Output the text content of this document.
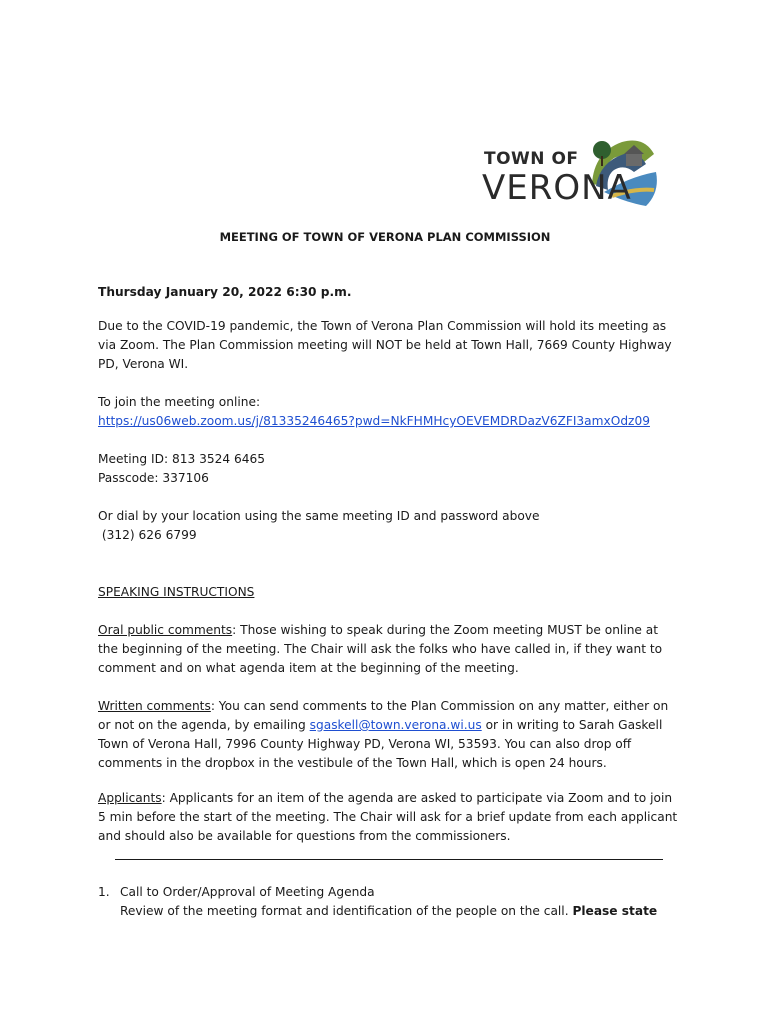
TOWN OF
VERONA
MEETING OF TOWN OF VERONA PLAN COMMISSION
Thursday January 20, 2022 6:30 p.m.

Due to the COVID-19 pandemic, the Town of Verona Plan Commission will hold its meeting as

via Zoom. The Plan Commission meeting will NOT be held at Town Hall, 7669 County Highway

PD, Verona WI.

To join the meeting online:

https://us06web.zoom.us/j/81335246465?pwd=NkFHMHcyOEVEMDRDazV6ZFI3amxOdz09

Meeting ID: 813 3524 6465

Passcode: 337106

Or dial by your location using the same meeting ID and password above

(312) 626 6799

SPEAKING INSTRUCTIONS

Oral public comments: Those wishing to speak during the Zoom meeting MUST be online at

the beginning of the meeting. The Chair will ask the folks who have called in, if they want to

comment and on what agenda item at the beginning of the meeting.

Written comments: You can send comments to the Plan Commission on any matter, either on

or not on the agenda, by emailing sgaskell@town.verona.wi.us or in writing to Sarah Gaskell

Town of Verona Hall, 7996 County Highway PD, Verona WI, 53593. You can also drop off

comments in the dropbox in the vestibule of the Town Hall, which is open 24 hours.

Applicants: Applicants for an item of the agenda are asked to participate via Zoom and to join

5 min before the start of the meeting. The Chair will ask for a brief update from each applicant

and should also be available for questions from the commissioners.

1. Call to Order/Approval of Meeting Agenda

Review of the meeting format and identification of the people on the call. Please state
